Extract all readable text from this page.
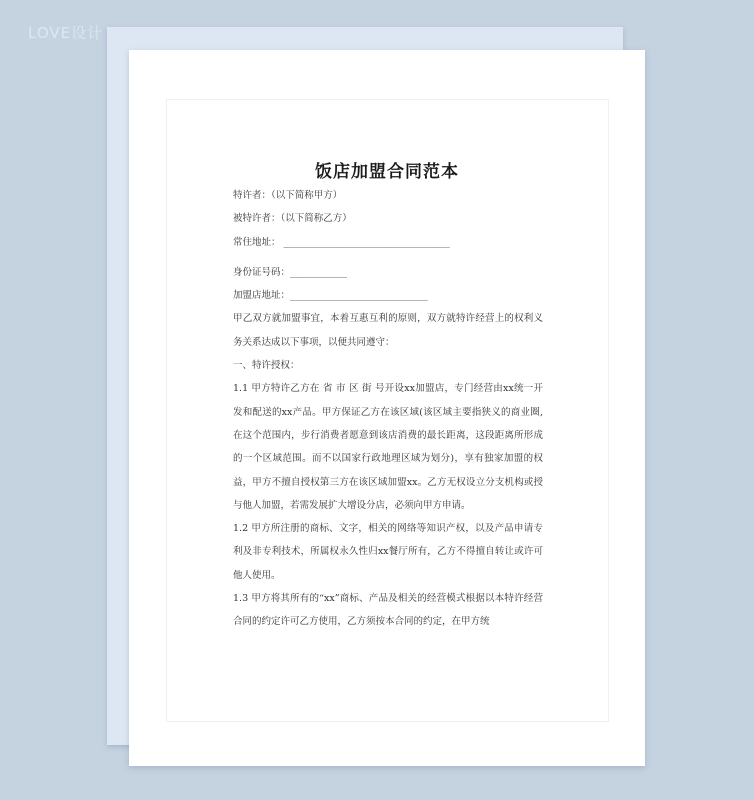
LOVE设计
饭店加盟合同范本

特许者：（以下简称甲方）

被特许者：（以下简称乙方）

常住地址： ___________________________________

身份证号码：____________

加盟店地址：_____________________________

甲乙双方就加盟事宜，本着互惠互利的原则，双方就特许经营上的权利义务关系达成以下事项，以便共同遵守：

一、特许授权：

1.1 甲方特许乙方在 省 市 区 街 号开设xx加盟店，专门经营由xx统一开发和配送的xx产品。甲方保证乙方在该区域(该区域主要指狭义的商业圈, 在这个范围内，步行消费者愿意到该店消费的最长距离，这段距离所形成的一个区域范围。而不以国家行政地理区域为划分)，享有独家加盟的权益，甲方不擅自授权第三方在该区域加盟xx。乙方无权设立分支机构或授与他人加盟，若需发展扩大增设分店，必须向甲方申请。

1.2 甲方所注册的商标、文字，相关的网络等知识产权，以及产品申请专利及非专利技术，所属权永久性归xx餐厅所有，乙方不得擅自转让或许可他人使用。

1.3 甲方将其所有的“xx”商标、产品及相关的经营模式根据以本特许经营合同的约定许可乙方使用，乙方须按本合同的约定，在甲方统
